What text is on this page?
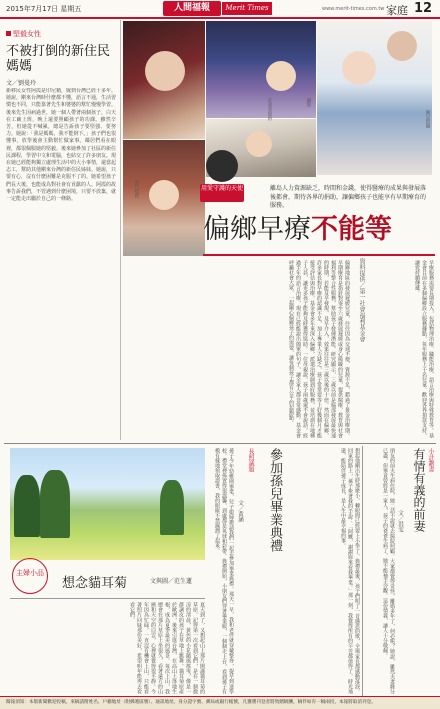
2015年7月17日 星期五	人間福報	Merit Times	www.merit-times.com.tw 家庭 12
堅毅女性
不被打倒的新住民媽媽
文／劉曼玲
新移民女性阿霞是印尼籍，嫁到台灣已經十多年。她說，剛來台灣時什麼都不懂，語言不通，生活習慣也不同，只能靠著先生和婆婆的幫忙慢慢學習。後來先生因病過世，她一個人帶著兩個孩子，白天在工廠上班，晚上還要照顧孩子的功課。雖然辛苦，但她從不喊累，總是告訴孩子要堅強、要努力。她說：「我是媽媽，我不能倒下。」孩子們也很懂事，放學後會主動幫忙做家事。鄰居們看在眼裡，都很佩服她的堅毅。後來她參加了社區的新住民課程，學習中文和電腦，也結交了許多朋友。現在她已經能夠獨立處理生活中的大小事情，還當起志工，幫助其他剛來台灣的新住民姊妹。她說，只要有心，沒有什麼困難是克服不了的。她希望孩子們長大後，也能成為對社會有貢獻的人。阿霞的故事告訴我們，不管遇到什麼困境，只要不放棄，就一定能走出屬於自己的一條路。
許書菁提供	攝影
陳昱賢攝
照片提供	用愛守護的天使	離島人力資源缺乏，時間和金錢，使得醫療的成果與發展落後都會，期待各界的捐助，讓偏鄉孩子也能享有早期療育的服務。
偏鄉早療不能等
偏鄉地區的發展遲緩兒童，往往因為交通不便、資源不足，錯過了黃金治療期。早期療育是指針對零至六歲發展遲緩或身心障礙的兒童，提供醫療、教育與社會福利等整合性服務，幫助孩子發揮潛能。研究顯示，三歲以前是腦部發展最快速的時期，若能及早發現、及早介入，效果往往是三歲以後的十倍。然而在偏鄉，許多家長對早療的認識不足，加上專業人力缺乏，孩子常常要等上好幾個月才能接受評估與治療。基金會多年來深入偏鄉，派遣治療師到府服務，並培訓在地種子人員，讓更多孩子能夠及時獲得協助。一位母親說，孩子兩歲還不會說話，經過半年的語言治療，現在已經能說出簡單的句子，讓全家人都非常感動。基金會呼籲社會大眾，一起關心偏鄉孩子的需要，讓每個孩子都有公平的起跑點。	資料提供／第一社會福利基金會	早療服務需要長期投入，包括物理治療、職能治療、語言治療與特殊教育等。基金會目前在多個偏鄉設立服務據點，每年服務上千名兒童。歡迎各界捐款支持，讓愛持續傳遞。
主婦小品
想念貓耳菊	文與圖／范生蓮
夏天到了，又想起山上那片開滿貓耳菊的草原。記得第一次看到它們，是在一個微涼的清晨，黃色的小花隨風搖曳，像是一群調皮的孩子在草地上跳舞。貓耳菊原產於歐洲，後來引進台灣，在高山上落地生根，成為夏季最美的風景。每次上山，我總會在那片草原上坐很久，看著遠方的山巒和天空的白雲，心裡就覺得很平靜。今年因為忙碌，一直沒有機會上山，只能看著照片回味那份美好，希望明年能再去看看它們。	孫子今年幼稚園畢業，兒子媳婦邀請我們一起去參加畢業典禮。那天一早，我和老伴就穿戴整齊，提早到達學校。禮堂裡佈置得很溫馨，到處都是氣球和彩帶。典禮開始，小朋友們穿著畢業服，一個個走上台，看到孫子有模有樣地領取證書，我的眼眶不禁濕潤了起來。	文／黃涵
長照議題	參加孫兒畢業典禮	想起他剛出生時那麼小，轉眼間已經要上小學了。典禮最後，孩子們唱了一首感恩的歌，全場家長都感動落淚。回家的路上，孫子牽著我的手說：「阿嬤，謝謝妳來看我畢業。」那一刻，我覺得所有的辛苦都值得了。時光飛逝，能陪伴孫子成長，是人生中最幸福的事。	朋友的前夫生病住院，她二話不說就去醫院照顧。大家都覺得奇怪，離婚多年了，何必呢？她說，雖然夫妻緣分已盡，但畢竟曾經是一家人，孩子的爸爸生病了，她不能袖手旁觀。這份情義，讓人十分敬佩。	文／洪雯 有情有義的前妻 小計劃書
閱報須知：本版新聞歡迎投稿，來稿請附姓名、戶籍地址（附郵遞區號）、通訊地址、身分證字號、郵局或銀行帳號，凡獲選刊登者將致贈稿酬，稿件如有一稿兩投，本報將取消刊登。
